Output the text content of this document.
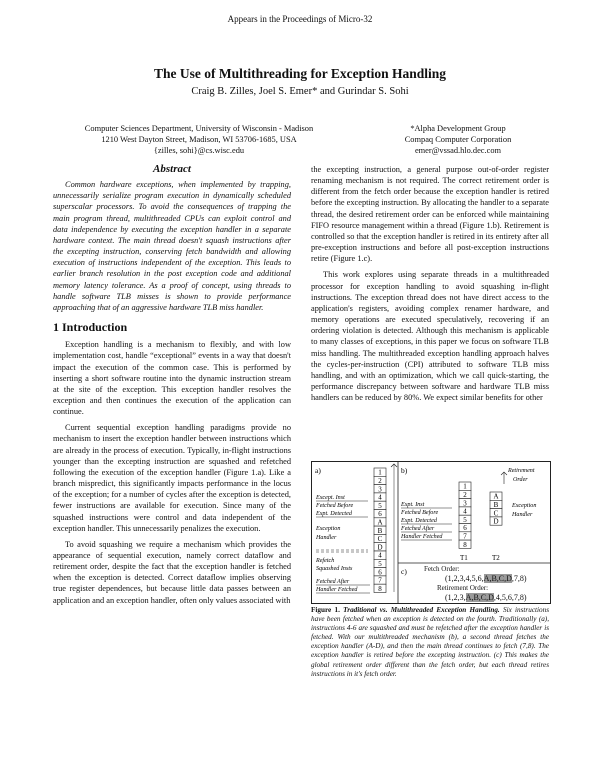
Appears in the Proceedings of Micro-32
The Use of Multithreading for Exception Handling
Craig B. Zilles, Joel S. Emer* and Gurindar S. Sohi
Computer Sciences Department, University of Wisconsin - Madison
1210 West Dayton Street, Madison, WI 53706-1685, USA
{zilles, sohi}@cs.wisc.edu
*Alpha Development Group
Compaq Computer Corporation
emer@vssad.hlo.dec.com
Abstract

Common hardware exceptions, when implemented by trapping, unnecessarily serialize program execution in dynamically scheduled superscalar processors. To avoid the consequences of trapping the main program thread, multithreaded CPUs can exploit control and data independence by executing the exception handler in a separate hardware context. The main thread doesn't squash instructions after the excepting instruction, conserving fetch bandwidth and allowing execution of instructions independent of the exception. This leads to earlier branch resolution in the post exception code and additional memory latency tolerance. As a proof of concept, using threads to handle software TLB misses is shown to provide performance approaching that of an aggressive hardware TLB miss handler.

1 Introduction

Exception handling is a mechanism to flexibly, and with low implementation cost, handle “exceptional” events in a way that doesn't impact the execution of the common case. This is performed by inserting a short software routine into the dynamic instruction stream at the site of the exception. This exception handler resolves the exception and then continues the execution of the application can continue.

Current sequential exception handling paradigms provide no mechanism to insert the exception handler between instructions which are already in the process of execution. Typically, in-flight instructions younger than the excepting instruction are squashed and refetched following the execution of the exception handler (Figure 1.a). Like a branch mispredict, this significantly impacts performance in the locus of the exception; for a number of cycles after the exception is detected, fewer instructions are available for execution. Since many of the squashed instructions were control and data independent of the exception handler. This unnecessarily penalizes the execution.

To avoid squashing we require a mechanism which provides the appearance of sequential execution, namely correct dataflow and retirement order, despite the fact that the exception handler is fetched when the exception is detected. Correct dataflow implies observing true register dependences, but because little data passes between an application and an exception handler, often only values associated with

the excepting instruction, a general purpose out-of-order register renaming mechanism is not required. The correct retirement order is different from the fetch order because the exception handler is retired before the excepting instruction. By allocating the handler to a separate thread, the desired retirement order can be enforced while maintaining FIFO resource management within a thread (Figure 1.b). Retirement is controlled so that the exception handler is retired in its entirety after all pre-exception instructions and before all post-exception instructions retire (Figure 1.c).

This work explores using separate threads in a multithreaded processor for exception handling to avoid squashing in-flight instructions. The exception thread does not have direct access to the application's registers, avoiding complex renamer hardware, and memory operations are executed speculatively, recovering if an ordering violation is detected. Although this mechanism is applicable to many classes of exceptions, in this paper we focus on software TLB miss handling. The multithreaded exception handling approach halves the cycles-per-instruction (CPI) attributed to software TLB miss handling, and with an optimization, which we call quick-starting, the performance discrepancy between software and hardware TLB miss handlers can be reduced by 80%. We expect similar benefits for other

a)
Except. Inst
Fetched Before
Expt. Detected
Exception
Handler
Refetch
Squashed Insts
Fetched After
Handler Fetched
1
2
3
4
5
6
A
B
C
D
4
5
6
7
8
b)
Expt. Inst
Fetched Before
Expt. Detected
Fetched After
Handler Fetched
Exception
Handler
Retirement
Order
1
2
3
4
5
6
7
8
A
B
C
D
T1	T2
c) Fetch Order:
(1,2,3,4,5,6,A,B,C,D,7,8)
Retirement Order:
(1,2,3,A,B,C,D,4,5,6,7,8)
Figure 1. Traditional vs. Multithreaded Exception Handling. Six instructions have been fetched when an exception is detected on the fourth. Traditionally (a), instructions 4-6 are squashed and must be refetched after the exception handler is fetched. With our multithreaded mechanism (b), a second thread fetches the exception handler (A-D), and then the main thread continues to fetch (7,8). The exception handler is retired before the excepting instruction. (c) This makes the global retirement order different than the fetch order, but each thread retires instructions in it's fetch order.
